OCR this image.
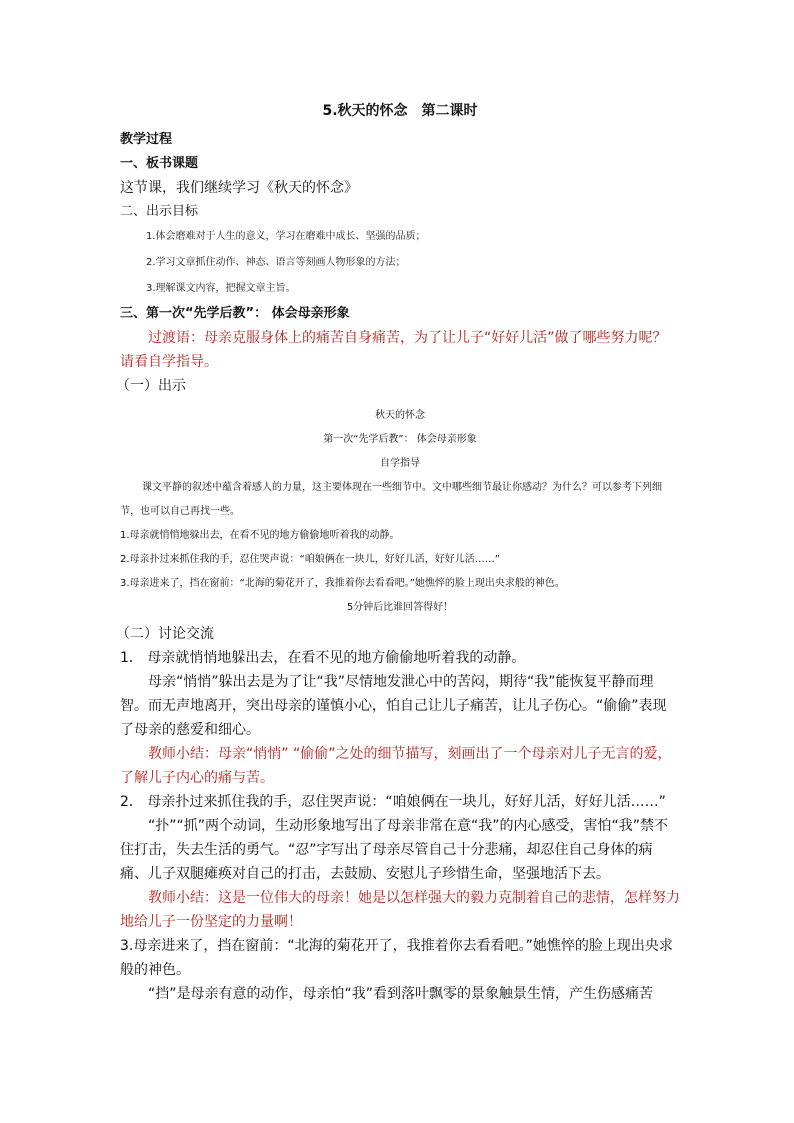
5.秋天的怀念　第二课时

教学过程

一、板书课题

这节课，我们继续学习《秋天的怀念》

二、出示目标

1.体会磨难对于人生的意义，学习在磨难中成长、坚强的品质；

2.学习文章抓住动作、神态、语言等刻画人物形象的方法；

3.理解课文内容，把握文章主旨。

三、第一次“先学后教”： 体会母亲形象

过渡语：母亲克服身体上的痛苦自身痛苦，为了让儿子“好好儿活”做了哪些努力呢？请看自学指导。

（一）出示

秋天的怀念

第一次“先学后教”： 体会母亲形象

自学指导

课文平静的叙述中蕴含着感人的力量，这主要体现在一些细节中。文中哪些细节最让你感动？为什么？可以参考下列细节，也可以自己再找一些。

1.母亲就悄悄地躲出去，在看不见的地方偷偷地听着我的动静。

2.母亲扑过来抓住我的手，忍住哭声说：“咱娘俩在一块儿，好好儿活，好好儿活……”

3.母亲进来了，挡在窗前：“北海的菊花开了，我推着你去看看吧。”她憔悴的脸上现出央求般的神色。

5分钟后比谁回答得好！

（二）讨论交流

1． 母亲就悄悄地躲出去，在看不见的地方偷偷地听着我的动静。

母亲“悄悄”躲出去是为了让“我”尽情地发泄心中的苦闷，期待“我”能恢复平静而理智。而无声地离开，突出母亲的谨慎小心，怕自己让儿子痛苦，让儿子伤心。“偷偷”表现了母亲的慈爱和细心。

教师小结：母亲“悄悄” “偷偷”之处的细节描写，刻画出了一个母亲对儿子无言的爱，了解儿子内心的痛与苦。

2． 母亲扑过来抓住我的手，忍住哭声说：“咱娘俩在一块儿，好好儿活，好好儿活……”

“扑”“抓”两个动词，生动形象地写出了母亲非常在意“我”的内心感受，害怕“我”禁不住打击，失去生活的勇气。“忍”字写出了母亲尽管自己十分悲痛，却忍住自己身体的病痛、儿子双腿瘫痪对自己的打击，去鼓励、安慰儿子珍惜生命，坚强地活下去。

教师小结：这是一位伟大的母亲！她是以怎样强大的毅力克制着自己的悲情，怎样努力地给儿子一份坚定的力量啊！

3.母亲进来了，挡在窗前：“北海的菊花开了，我推着你去看看吧。”她憔悴的脸上现出央求般的神色。

“挡”是母亲有意的动作，母亲怕“我”看到落叶飘零的景象触景生情，产生伤感痛苦
